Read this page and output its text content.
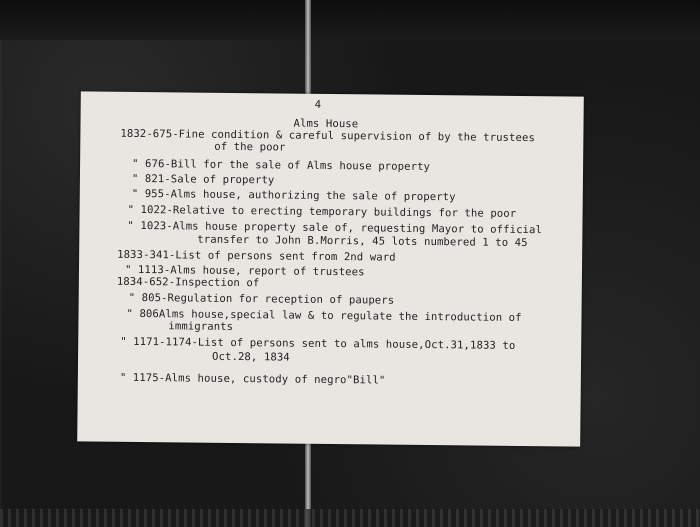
4
Alms House
1832-675-Fine condition & careful supervision of by the trustees
of the poor
" 676-Bill for the sale of Alms house property
" 821-Sale of property
" 955-Alms house, authorizing the sale of property
" 1022-Relative to erecting temporary buildings for the poor
" 1023-Alms house property sale of, requesting Mayor to official
transfer to John B.Morris, 45 lots numbered 1 to 45
1833-341-List of persons sent from 2nd ward
" 1113-Alms house, report of trustees
1834-652-Inspection of
" 805-Regulation for reception of paupers
" 806Alms house,special law & to regulate the introduction of
immigrants
" 1171-1174-List of persons sent to alms house,Oct.31,1833 to
Oct.28, 1834
" 1175-Alms house, custody of negro"Bill"
